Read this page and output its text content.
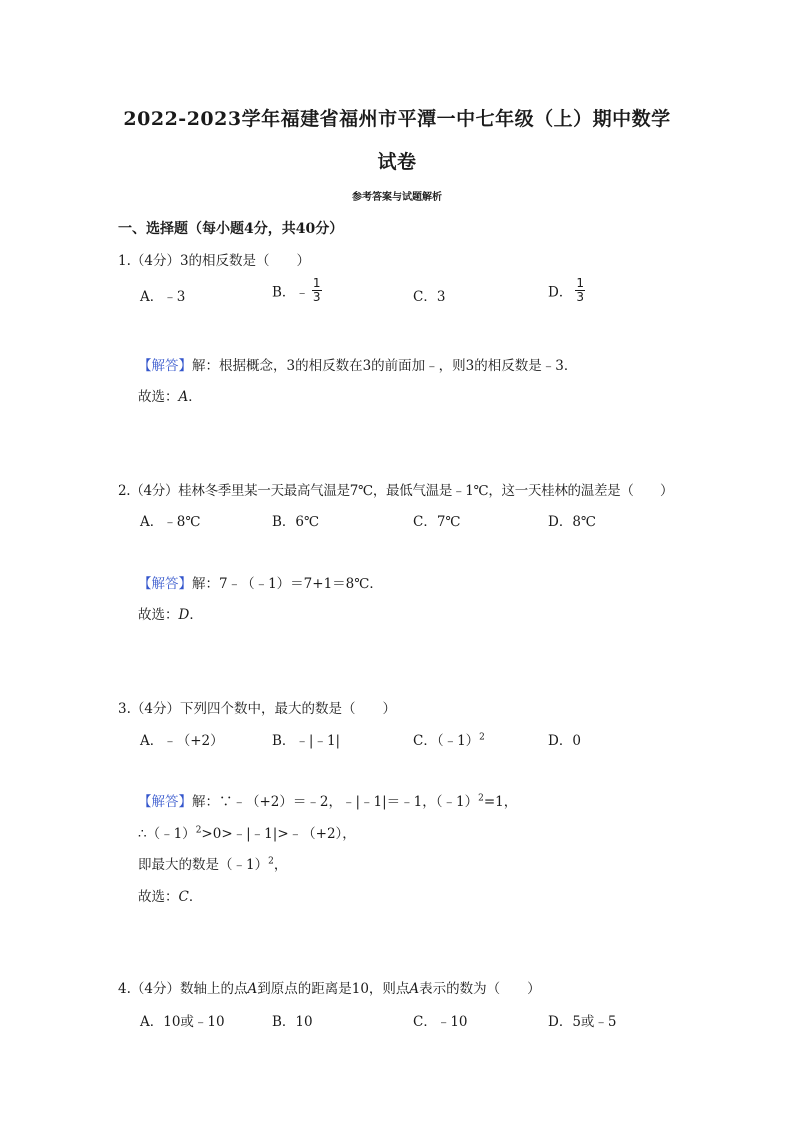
2022-2023学年福建省福州市平潭一中七年级（上）期中数学
试卷
参考答案与试题解析
一、选择题（每小题4分，共40分）
1.（4分）3的相反数是（　　）
A．﹣3	B．﹣ $\frac{1}{3}$	C．3	D． $\frac{1}{3}$
【解答】解：根据概念，3的相反数在3的前面加﹣，则3的相反数是﹣3．
故选：A．
2.（4分）桂林冬季里某一天最高气温是7℃，最低气温是﹣1℃，这一天桂林的温差是（　　）
A．﹣8℃	B．6℃	C．7℃	D．8℃
【解答】解：7﹣（﹣1）＝7+1＝8℃．
故选：D．
3.（4分）下列四个数中，最大的数是（　　）
A．﹣（+2）	B．﹣|﹣1|	C．（﹣1）$^2$	D．0
【解答】解：∵﹣（+2）＝﹣2，﹣|﹣1|＝﹣1，（﹣1）$^2$=1，
∴（﹣1）$^2$>0>﹣|﹣1|>﹣（+2），
即最大的数是（﹣1）$^2$，
故选：C．
4.（4分）数轴上的点A到原点的距离是10，则点A表示的数为（　　）
A．10或﹣10	B．10	C．﹣10	D．5或﹣5
